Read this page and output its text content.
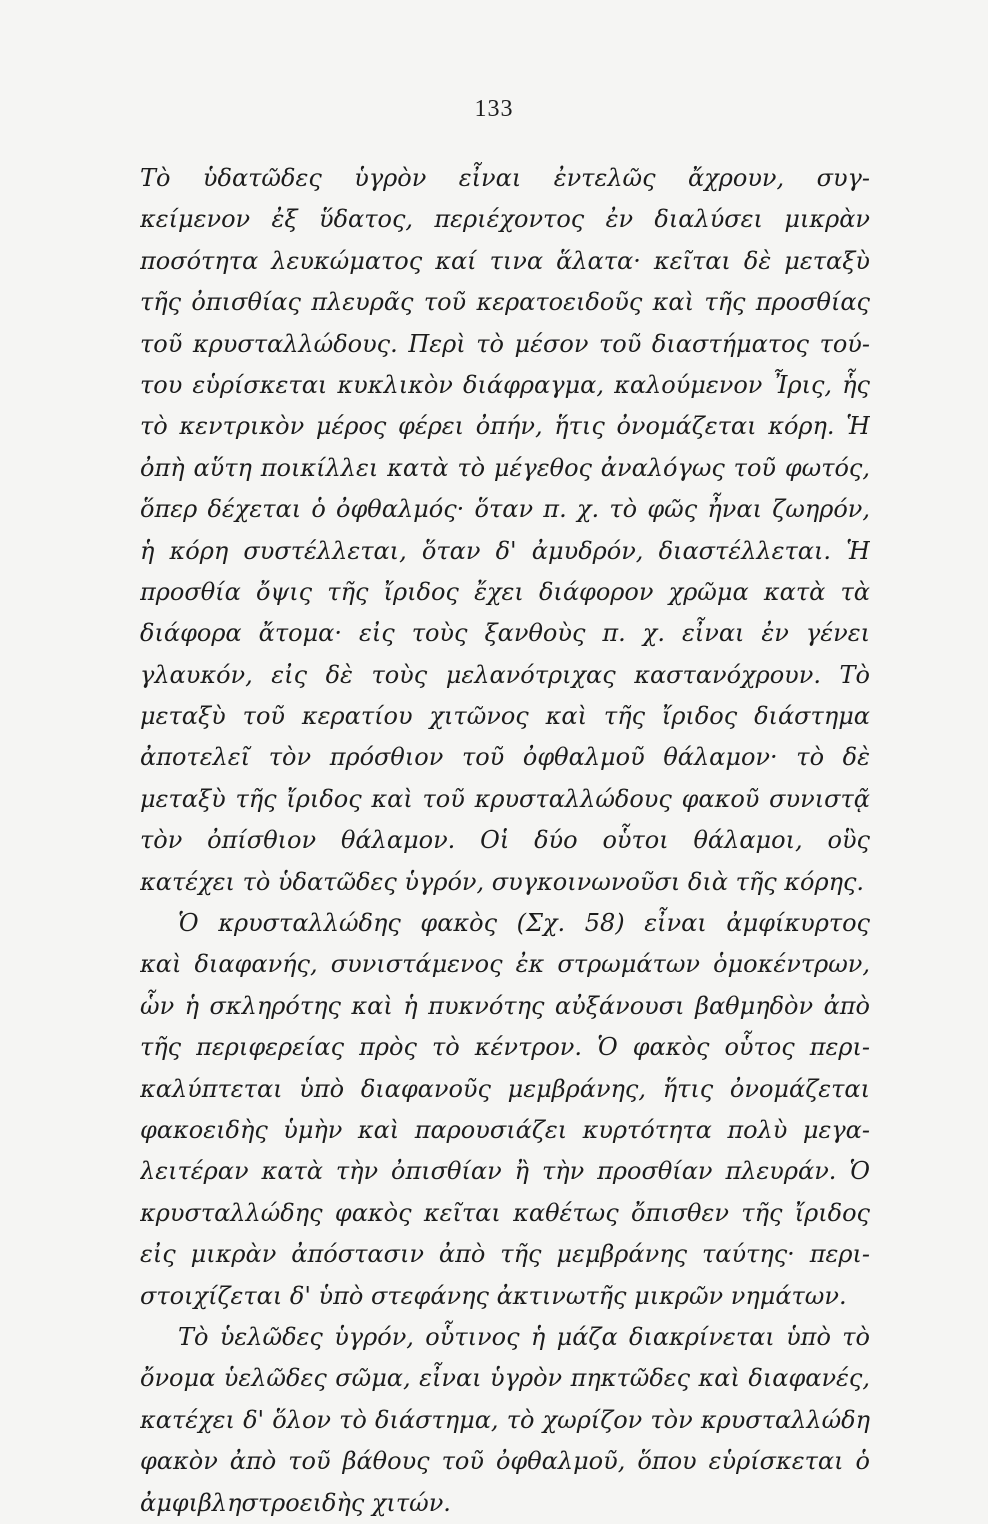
133
Τὸ ὑδατῶδες ὑγρὸν εἶναι ἐντελῶς ἄχρουν, συγ-
κείμενον ἐξ ὕδατος, περιέχοντος ἐν διαλύσει μικρὰν
ποσότητα λευκώματος καί τινα ἅλατα· κεῖται δὲ μεταξὺ
τῆς ὀπισθίας πλευρᾶς τοῦ κερατοειδοῦς καὶ τῆς προσθίας
τοῦ κρυσταλλώδους. Περὶ τὸ μέσον τοῦ διαστήματος τού-
του εὑρίσκεται κυκλικὸν διάφραγμα, καλούμενον Ἶρις, ἧς
τὸ κεντρικὸν μέρος φέρει ὀπήν, ἥτις ὀνομάζεται κόρη. Ἡ
ὀπὴ αὕτη ποικίλλει κατὰ τὸ μέγεθος ἀναλόγως τοῦ φωτός,
ὅπερ δέχεται ὁ ὀφθαλμός· ὅταν π. χ. τὸ φῶς ἦναι ζωηρόν,
ἡ κόρη συστέλλεται, ὅταν δ' ἀμυδρόν, διαστέλλεται. Ἡ
προσθία ὄψις τῆς ἴριδος ἔχει διάφορον χρῶμα κατὰ τὰ
διάφορα ἄτομα· εἰς τοὺς ξανθοὺς π. χ. εἶναι ἐν γένει
γλαυκόν, εἰς δὲ τοὺς μελανότριχας καστανόχρουν. Τὸ
μεταξὺ τοῦ κερατίου χιτῶνος καὶ τῆς ἴριδος διάστημα
ἀποτελεῖ τὸν πρόσθιον τοῦ ὀφθαλμοῦ θάλαμον· τὸ δὲ
μεταξὺ τῆς ἴριδος καὶ τοῦ κρυσταλλώδους φακοῦ συνιστᾷ
τὸν ὀπίσθιον θάλαμον. Οἱ δύο οὗτοι θάλαμοι, οὓς
κατέχει τὸ ὑδατῶδες ὑγρόν, συγκοινωνοῦσι διὰ τῆς κόρης.
Ὁ κρυσταλλώδης φακὸς (Σχ. 58) εἶναι ἀμφίκυρτος
καὶ διαφανής, συνιστάμενος ἐκ στρωμάτων ὁμοκέντρων,
ὧν ἡ σκληρότης καὶ ἡ πυκνότης αὐξάνουσι βαθμηδὸν ἀπὸ
τῆς περιφερείας πρὸς τὸ κέντρον. Ὁ φακὸς οὗτος περι-
καλύπτεται ὑπὸ διαφανοῦς μεμβράνης, ἥτις ὀνομάζεται
φακοειδὴς ὑμὴν καὶ παρουσιάζει κυρτότητα πολὺ μεγα-
λειτέραν κατὰ τὴν ὀπισθίαν ἢ τὴν προσθίαν πλευράν. Ὁ
κρυσταλλώδης φακὸς κεῖται καθέτως ὄπισθεν τῆς ἴριδος
εἰς μικρὰν ἀπόστασιν ἀπὸ τῆς μεμβράνης ταύτης· περι-
στοιχίζεται δ' ὑπὸ στεφάνης ἀκτινωτῆς μικρῶν νημάτων.
Τὸ ὑελῶδες ὑγρόν, οὗτινος ἡ μάζα διακρίνεται ὑπὸ τὸ
ὄνομα ὑελῶδες σῶμα, εἶναι ὑγρὸν πηκτῶδες καὶ διαφανές,
κατέχει δ' ὅλον τὸ διάστημα, τὸ χωρίζον τὸν κρυσταλλώδη
φακὸν ἀπὸ τοῦ βάθους τοῦ ὀφθαλμοῦ, ὅπου εὑρίσκεται ὁ
ἀμφιβληστροειδὴς χιτών.
